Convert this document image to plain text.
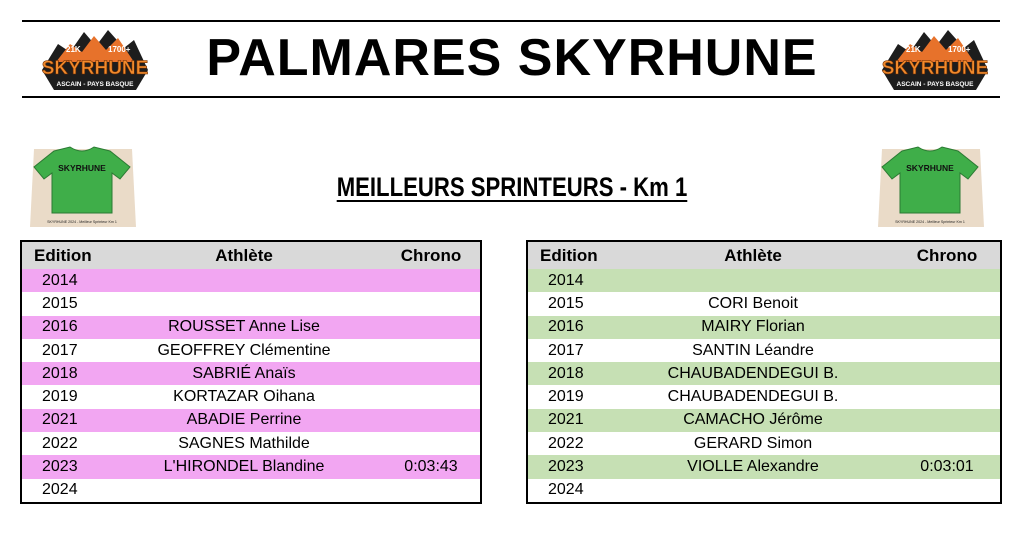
21K	1700+
SKYRHUNE
ASCAIN - PAYS BASQUE
21K	1700+
SKYRHUNE
ASCAIN - PAYS BASQUE
PALMARES SKYRHUNE
SKYRHUNE
SKYRHUNE 2024 - Meilleur Sprinteur Km 1
SKYRHUNE
SKYRHUNE 2024 - Meilleur Sprinteur Km 1
MEILLEURS SPRINTEURS - Km 1
Edition	Athlète	Chrono
2014
2015
2016	ROUSSET Anne Lise
2017	GEOFFREY Clémentine
2018	SABRIÉ Anaïs
2019	KORTAZAR Oihana
2021	ABADIE Perrine
2022	SAGNES Mathilde
2023	L'HIRONDEL Blandine	0:03:43
2024
Edition	Athlète	Chrono
2014
2015	CORI Benoit
2016	MAIRY Florian
2017	SANTIN Léandre
2018	CHAUBADENDEGUI B.
2019	CHAUBADENDEGUI B.
2021	CAMACHO Jérôme
2022	GERARD Simon
2023	VIOLLE Alexandre	0:03:01
2024
